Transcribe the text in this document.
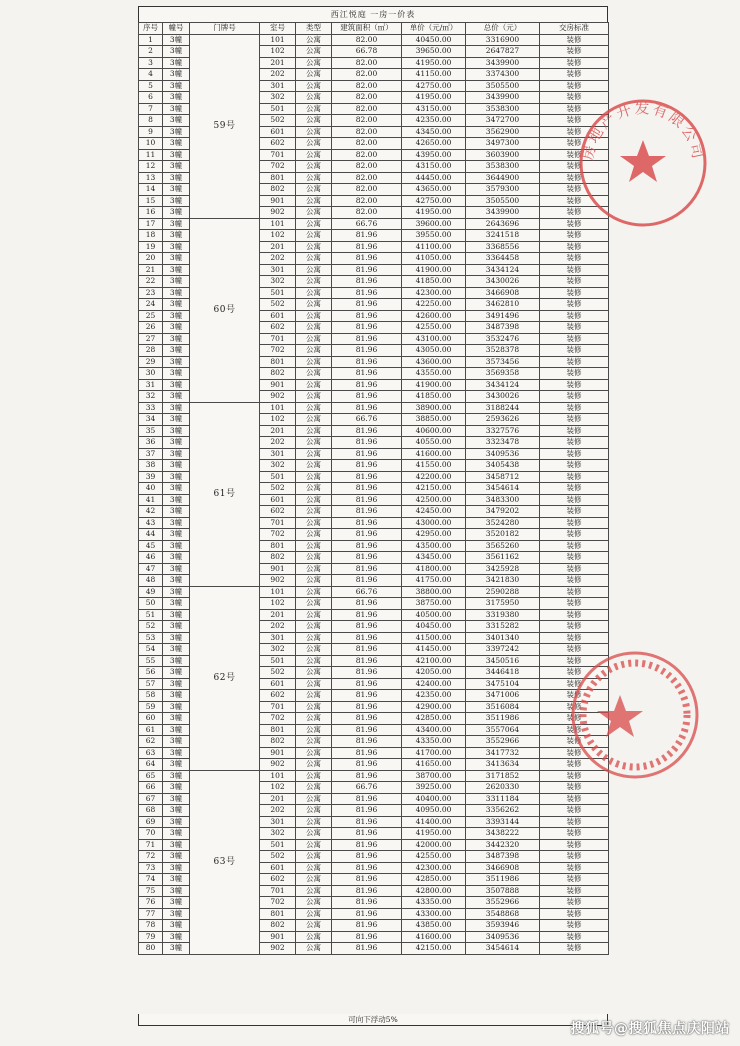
西江悦庭 一房一价表
序号	幢号	门牌号	室号	类型	建筑面积（㎡）	单价（元/㎡）	总价（元）	交房标准
1	3幢	59号	101	公寓	82.00	40450.00	3316900	装修
2	3幢		102	公寓	66.78	39650.00	2647827	装修
3	3幢		201	公寓	82.00	41950.00	3439900	装修
4	3幢		202	公寓	82.00	41150.00	3374300	装修
5	3幢		301	公寓	82.00	42750.00	3505500	装修
6	3幢		302	公寓	82.00	41950.00	3439900	装修
7	3幢		501	公寓	82.00	43150.00	3538300	装修
8	3幢		502	公寓	82.00	42350.00	3472700	装修
9	3幢		601	公寓	82.00	43450.00	3562900	装修
10	3幢		602	公寓	82.00	42650.00	3497300	装修
11	3幢		701	公寓	82.00	43950.00	3603900	装修
12	3幢		702	公寓	82.00	43150.00	3538300	装修
13	3幢		801	公寓	82.00	44450.00	3644900	装修
14	3幢		802	公寓	82.00	43650.00	3579300	装修
15	3幢		901	公寓	82.00	42750.00	3505500	装修
16	3幢		902	公寓	82.00	41950.00	3439900	装修
17	3幢	60号	101	公寓	66.76	39600.00	2643696	装修
18	3幢		102	公寓	81.96	39550.00	3241518	装修
19	3幢		201	公寓	81.96	41100.00	3368556	装修
20	3幢		202	公寓	81.96	41050.00	3364458	装修
21	3幢		301	公寓	81.96	41900.00	3434124	装修
22	3幢		302	公寓	81.96	41850.00	3430026	装修
23	3幢		501	公寓	81.96	42300.00	3466908	装修
24	3幢		502	公寓	81.96	42250.00	3462810	装修
25	3幢		601	公寓	81.96	42600.00	3491496	装修
26	3幢		602	公寓	81.96	42550.00	3487398	装修
27	3幢		701	公寓	81.96	43100.00	3532476	装修
28	3幢		702	公寓	81.96	43050.00	3528378	装修
29	3幢		801	公寓	81.96	43600.00	3573456	装修
30	3幢		802	公寓	81.96	43550.00	3569358	装修
31	3幢		901	公寓	81.96	41900.00	3434124	装修
32	3幢		902	公寓	81.96	41850.00	3430026	装修
33	3幢	61号	101	公寓	81.96	38900.00	3188244	装修
34	3幢		102	公寓	66.76	38850.00	2593626	装修
35	3幢		201	公寓	81.96	40600.00	3327576	装修
36	3幢		202	公寓	81.96	40550.00	3323478	装修
37	3幢		301	公寓	81.96	41600.00	3409536	装修
38	3幢		302	公寓	81.96	41550.00	3405438	装修
39	3幢		501	公寓	81.96	42200.00	3458712	装修
40	3幢		502	公寓	81.96	42150.00	3454614	装修
41	3幢		601	公寓	81.96	42500.00	3483300	装修
42	3幢		602	公寓	81.96	42450.00	3479202	装修
43	3幢		701	公寓	81.96	43000.00	3524280	装修
44	3幢		702	公寓	81.96	42950.00	3520182	装修
45	3幢		801	公寓	81.96	43500.00	3565260	装修
46	3幢		802	公寓	81.96	43450.00	3561162	装修
47	3幢		901	公寓	81.96	41800.00	3425928	装修
48	3幢		902	公寓	81.96	41750.00	3421830	装修
49	3幢	62号	101	公寓	66.76	38800.00	2590288	装修
50	3幢		102	公寓	81.96	38750.00	3175950	装修
51	3幢		201	公寓	81.96	40500.00	3319380	装修
52	3幢		202	公寓	81.96	40450.00	3315282	装修
53	3幢		301	公寓	81.96	41500.00	3401340	装修
54	3幢		302	公寓	81.96	41450.00	3397242	装修
55	3幢		501	公寓	81.96	42100.00	3450516	装修
56	3幢		502	公寓	81.96	42050.00	3446418	装修
57	3幢		601	公寓	81.96	42400.00	3475104	装修
58	3幢		602	公寓	81.96	42350.00	3471006	装修
59	3幢		701	公寓	81.96	42900.00	3516084	装修
60	3幢		702	公寓	81.96	42850.00	3511986	装修
61	3幢		801	公寓	81.96	43400.00	3557064	装修
62	3幢		802	公寓	81.96	43350.00	3552966	装修
63	3幢		901	公寓	81.96	41700.00	3417732	装修
64	3幢		902	公寓	81.96	41650.00	3413634	装修
65	3幢	63号	101	公寓	81.96	38700.00	3171852	装修
66	3幢		102	公寓	66.76	39250.00	2620330	装修
67	3幢		201	公寓	81.96	40400.00	3311184	装修
68	3幢		202	公寓	81.96	40950.00	3356262	装修
69	3幢		301	公寓	81.96	41400.00	3393144	装修
70	3幢		302	公寓	81.96	41950.00	3438222	装修
71	3幢		501	公寓	81.96	42000.00	3442320	装修
72	3幢		502	公寓	81.96	42550.00	3487398	装修
73	3幢		601	公寓	81.96	42300.00	3466908	装修
74	3幢		602	公寓	81.96	42850.00	3511986	装修
75	3幢		701	公寓	81.96	42800.00	3507888	装修
76	3幢		702	公寓	81.96	43350.00	3552966	装修
77	3幢		801	公寓	81.96	43300.00	3548868	装修
78	3幢		802	公寓	81.96	43850.00	3593946	装修
79	3幢		901	公寓	81.96	41600.00	3409536	装修
80	3幢		902	公寓	81.96	42150.00	3454614	装修
可向下浮动5%
房地产开发有限公司
搜狐号@搜狐焦点庆阳站
